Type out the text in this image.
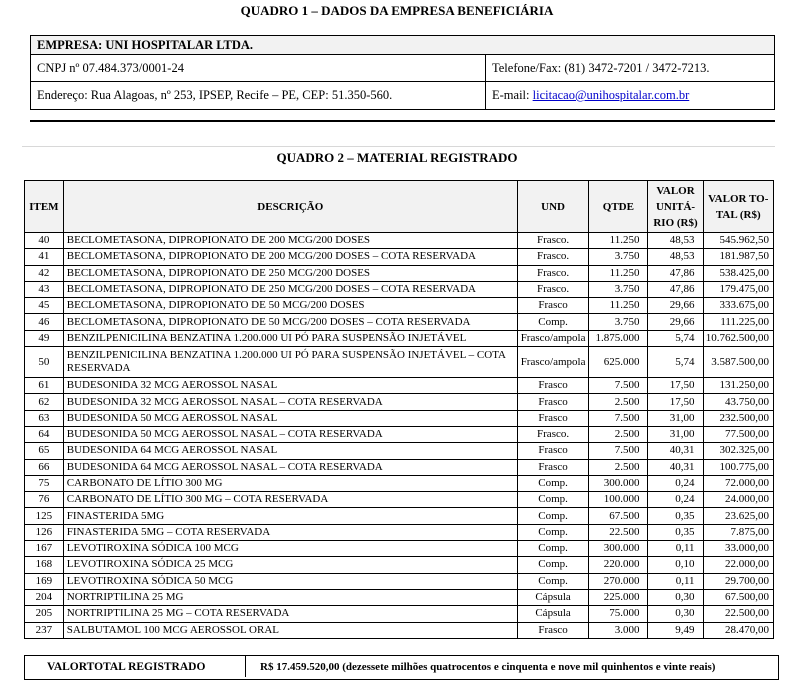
QUADRO 1 – DADOS DA EMPRESA BENEFICIÁRIA
EMPRESA: UNI HOSPITALAR LTDA.	
CNPJ nº 07.484.373/0001-24	Telefone/Fax: (81) 3472-7201 / 3472-7213.
Endereço: Rua Alagoas, nº 253, IPSEP, Recife – PE, CEP: 51.350-560.	E-mail: licitacao@unihospitalar.com.br
QUADRO 2 – MATERIAL REGISTRADO
ITEM	DESCRIÇÃO	UND	QTDE	VALOR UNITÁ-RIO (R$)	VALOR TO-TAL (R$)
40	BECLOMETASONA, DIPROPIONATO DE 200 MCG/200 DOSES	Frasco.	11.250	48,53	545.962,50
41	BECLOMETASONA, DIPROPIONATO DE 200 MCG/200 DOSES – COTA RESERVADA	Frasco.	3.750	48,53	181.987,50
42	BECLOMETASONA, DIPROPIONATO DE 250 MCG/200 DOSES	Frasco.	11.250	47,86	538.425,00
43	BECLOMETASONA, DIPROPIONATO DE 250 MCG/200 DOSES – COTA RESERVADA	Frasco.	3.750	47,86	179.475,00
45	BECLOMETASONA, DIPROPIONATO DE 50 MCG/200 DOSES	Frasco	11.250	29,66	333.675,00
46	BECLOMETASONA, DIPROPIONATO DE 50 MCG/200 DOSES – COTA RESERVADA	Comp.	3.750	29,66	111.225,00
49	BENZILPENICILINA BENZATINA 1.200.000 UI PÓ PARA SUSPENSÃO INJETÁVEL	Frasco/ampola	1.875.000	5,74	10.762.500,00
50	BENZILPENICILINA BENZATINA 1.200.000 UI PÓ PARA SUSPENSÃO INJETÁVEL – COTA RESERVADA	Frasco/ampola	625.000	5,74	3.587.500,00
61	BUDESONIDA 32 MCG AEROSSOL NASAL	Frasco	7.500	17,50	131.250,00
62	BUDESONIDA 32 MCG AEROSSOL NASAL – COTA RESERVADA	Frasco	2.500	17,50	43.750,00
63	BUDESONIDA 50 MCG AEROSSOL NASAL	Frasco	7.500	31,00	232.500,00
64	BUDESONIDA 50 MCG AEROSSOL NASAL – COTA RESERVADA	Frasco.	2.500	31,00	77.500,00
65	BUDESONIDA 64 MCG AEROSSOL NASAL	Frasco	7.500	40,31	302.325,00
66	BUDESONIDA 64 MCG AEROSSOL NASAL – COTA RESERVADA	Frasco	2.500	40,31	100.775,00
75	CARBONATO DE LÍTIO 300 MG	Comp.	300.000	0,24	72.000,00
76	CARBONATO DE LÍTIO 300 MG – COTA RESERVADA	Comp.	100.000	0,24	24.000,00
125	FINASTERIDA 5MG	Comp.	67.500	0,35	23.625,00
126	FINASTERIDA 5MG – COTA RESERVADA	Comp.	22.500	0,35	7.875,00
167	LEVOTIROXINA SÓDICA 100 MCG	Comp.	300.000	0,11	33.000,00
168	LEVOTIROXINA SÓDICA 25 MCG	Comp.	220.000	0,10	22.000,00
169	LEVOTIROXINA SÓDICA 50 MCG	Comp.	270.000	0,11	29.700,00
204	NORTRIPTILINA 25 MG	Cápsula	225.000	0,30	67.500,00
205	NORTRIPTILINA 25 MG – COTA RESERVADA	Cápsula	75.000	0,30	22.500,00
237	SALBUTAMOL 100 MCG AEROSSOL ORAL	Frasco	3.000	9,49	28.470,00
VALORTOTAL REGISTRADO	R$ 17.459.520,00 (dezessete milhões quatrocentos e cinquenta e nove mil quinhentos e vinte reais)
